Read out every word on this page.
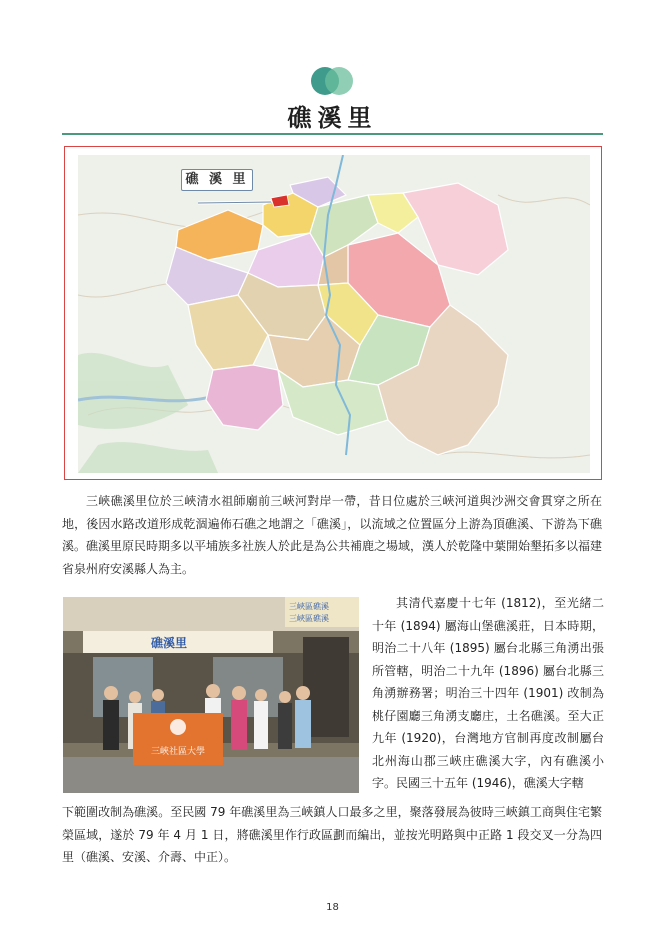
礁溪里
礁 溪 里

三峽礁溪里位於三峽清水祖師廟前三峽河對岸一帶，昔日位處於三峽河道與沙洲交會貫穿之所在地，後因水路改道形成乾涸遍佈石礁之地謂之「礁溪」，以流域之位置區分上游為頂礁溪、下游為下礁溪。礁溪里原民時期多以平埔族多社族人於此是為公共補鹿之場域，漢人於乾隆中葉開始墾拓多以福建省泉州府安溪縣人為主。

三峽區礁溪
三峽區礁溪
礁溪里
三峽社區大學

其清代嘉慶十七年 (1812)，至光緒二十年 (1894) 屬海山堡礁溪莊，日本時期，明治二十八年 (1895) 屬台北縣三角湧出張所管轄，明治二十九年 (1896) 屬台北縣三角湧辦務署；明治三十四年 (1901) 改制為桃仔園廳三角湧支廳庄，土名礁溪。至大正九年 (1920)，台灣地方官制再度改制屬台北州海山郡三峽庄礁溪大字，內有礁溪小字。民國三十五年 (1946)，礁溪大字轄

下範圍改制為礁溪。至民國 79 年礁溪里為三峽鎮人口最多之里，聚落發展為彼時三峽鎮工商與住宅繁榮區域，遂於 79 年 4 月 1 日，將礁溪里作行政區劃而編出，並按光明路與中正路 1 段交叉一分為四里（礁溪、安溪、介壽、中正）。

18
